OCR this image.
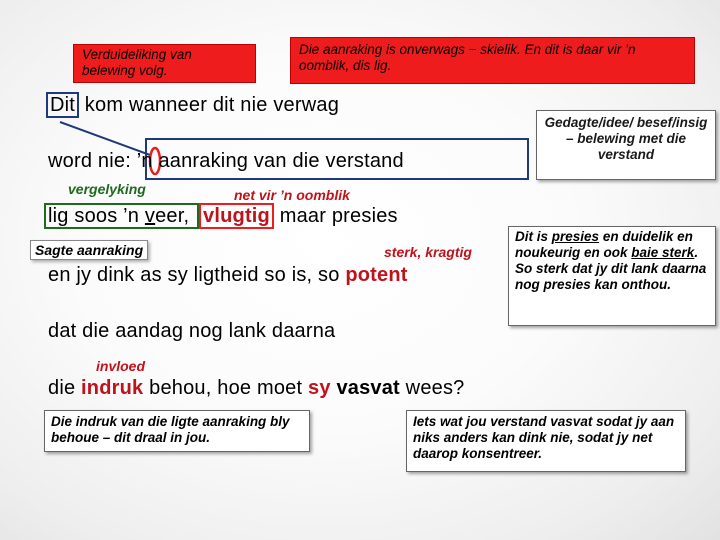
Verduideliking van belewing volg.
Die aanraking is onverwags − skielik. En dit is daar vir ’n oomblik, dis lig.
Gedagte/idee/ besef/insig – belewing met die verstand
Dit is presies en duidelik en noukeurig en ook baie sterk. So sterk dat jy dit lank daarna nog presies kan onthou.
Die indruk van die ligte aanraking bly behoue – dit draal in jou.
Iets wat jou verstand vasvat sodat jy aan niks anders kan dink nie, sodat jy net daarop konsentreer.
vergelyking	net vir ’n oomblik
Sagte aanraking	sterk, kragtig
invloed
Dit kom wanneer dit nie verwag
word nie: ’n aanraking van die verstand
lig soos ’n veer, vlugtig maar presies
en jy dink as sy ligtheid so is, so potent
dat die aandag nog lank daarna
die indruk behou, hoe moet sy vasvat wees?
